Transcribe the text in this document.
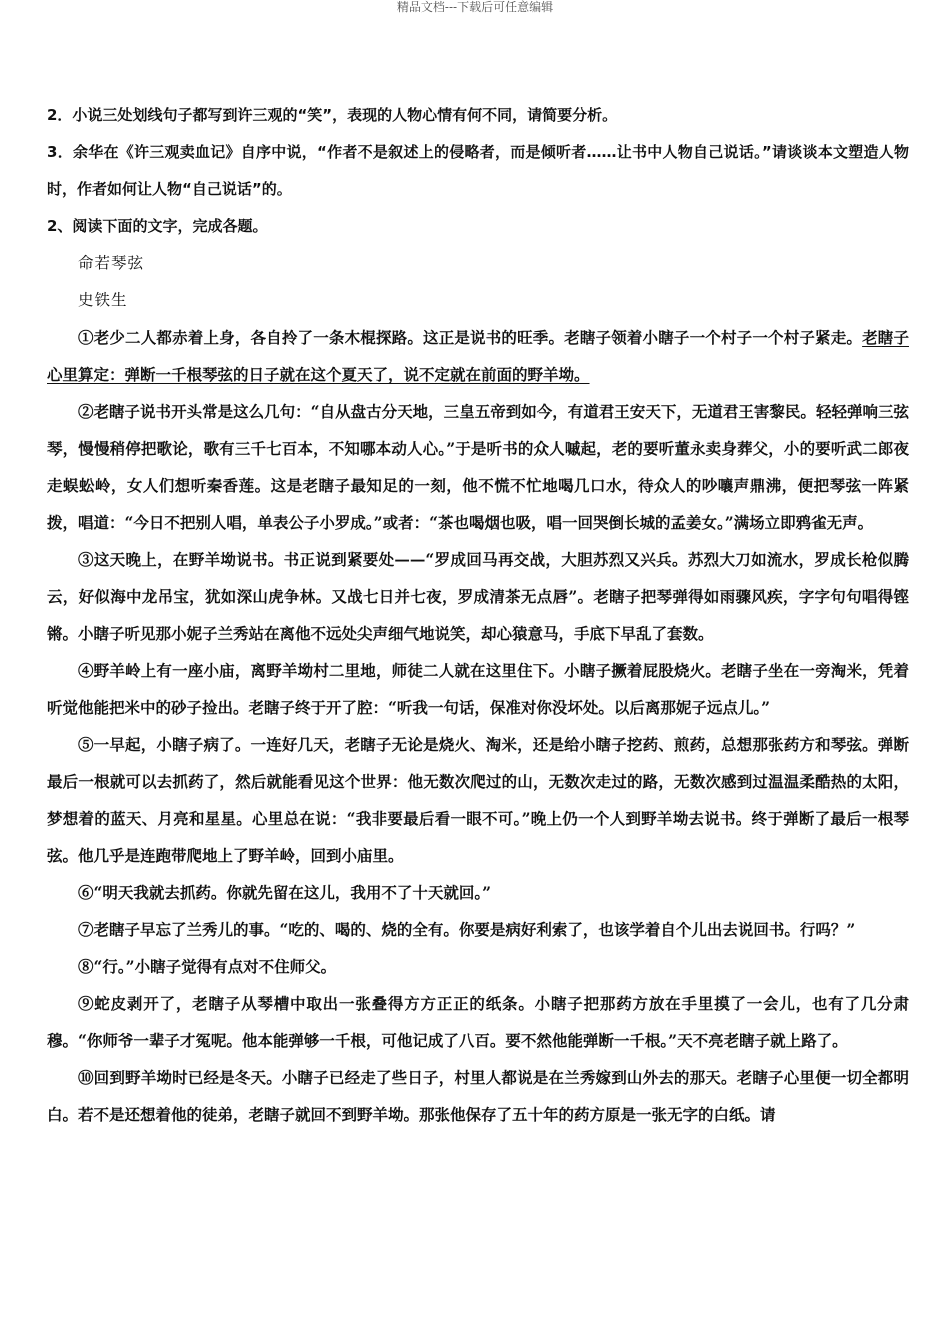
精品文档---下载后可任意编辑

2．小说三处划线句子都写到许三观的“笑”，表现的人物心情有何不同，请简要分析。

3．余华在《许三观卖血记》自序中说，“作者不是叙述上的侵略者，而是倾听者……让书中人物自己说话。”请谈谈本文塑造人物时，作者如何让人物“自己说话”的。

2、阅读下面的文字，完成各题。

命若琴弦

史铁生

①老少二人都赤着上身，各自拎了一条木棍探路。这正是说书的旺季。老瞎子领着小瞎子一个村子一个村子紧走。老瞎子心里算定：弹断一千根琴弦的日子就在这个夏天了，说不定就在前面的野羊坳。

②老瞎子说书开头常是这么几句：“自从盘古分天地，三皇五帝到如今，有道君王安天下，无道君王害黎民。轻轻弹响三弦琴，慢慢稍停把歌论，歌有三千七百本，不知哪本动人心。”于是听书的众人嘁起，老的要听董永卖身葬父，小的要听武二郎夜走蜈蚣岭，女人们想听秦香莲。这是老瞎子最知足的一刻，他不慌不忙地喝几口水，待众人的吵嚷声鼎沸，便把琴弦一阵紧拨，唱道：“今日不把别人唱，单表公子小罗成。”或者：“茶也喝烟也吸，唱一回哭倒长城的孟姜女。”满场立即鸦雀无声。

③这天晚上，在野羊坳说书。书正说到紧要处——“罗成回马再交战，大胆苏烈又兴兵。苏烈大刀如流水，罗成长枪似腾云，好似海中龙吊宝，犹如深山虎争林。又战七日并七夜，罗成清茶无点唇”。老瞎子把琴弹得如雨骤风疾，字字句句唱得铿锵。小瞎子听见那小妮子兰秀站在离他不远处尖声细气地说笑，却心猿意马，手底下早乱了套数。

④野羊岭上有一座小庙，离野羊坳村二里地，师徒二人就在这里住下。小瞎子撅着屁股烧火。老瞎子坐在一旁淘米，凭着听觉他能把米中的砂子捡出。老瞎子终于开了腔：“听我一句话，保准对你没坏处。以后离那妮子远点儿。”

⑤一早起，小瞎子病了。一连好几天，老瞎子无论是烧火、淘米，还是给小瞎子挖药、煎药，总想那张药方和琴弦。弹断最后一根就可以去抓药了，然后就能看见这个世界：他无数次爬过的山，无数次走过的路，无数次感到过温温柔酷热的太阳，梦想着的蓝天、月亮和星星。心里总在说：“我非要最后看一眼不可。”晚上仍一个人到野羊坳去说书。终于弹断了最后一根琴弦。他几乎是连跑带爬地上了野羊岭，回到小庙里。

⑥“明天我就去抓药。你就先留在这儿，我用不了十天就回。”

⑦老瞎子早忘了兰秀儿的事。“吃的、喝的、烧的全有。你要是病好利索了，也该学着自个儿出去说回书。行吗？”

⑧“行。”小瞎子觉得有点对不住师父。

⑨蛇皮剥开了，老瞎子从琴槽中取出一张叠得方方正正的纸条。小瞎子把那药方放在手里摸了一会儿，也有了几分肃穆。“你师爷一辈子才冤呢。他本能弹够一千根，可他记成了八百。要不然他能弹断一千根。”天不亮老瞎子就上路了。

⑩回到野羊坳时已经是冬天。小瞎子已经走了些日子，村里人都说是在兰秀嫁到山外去的那天。老瞎子心里便一切全都明白。若不是还想着他的徒弟，老瞎子就回不到野羊坳。那张他保存了五十年的药方原是一张无字的白纸。请
